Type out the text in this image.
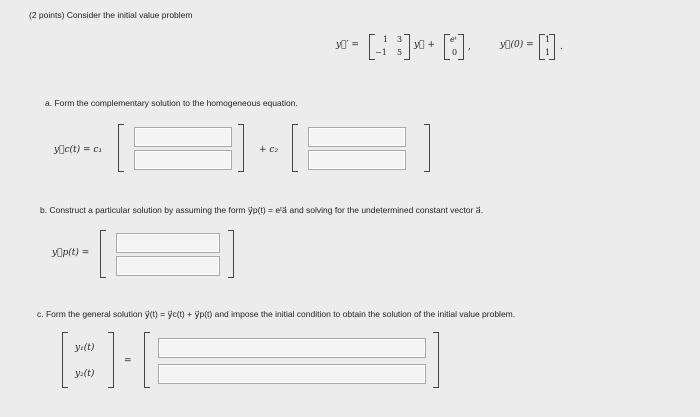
(2 points) Consider the initial value problem
y⃗′ =
1 3
−1 5
y⃗ +
eᵗ
0
,	y⃗(0) =
1
1
.
a. Form the complementary solution to the homogeneous equation.
y⃗c(t) = c₁	+ c₂
b. Construct a particular solution by assuming the form y⃗p(t) = eᵗa⃗ and solving for the undetermined constant vector a⃗.
y⃗p(t) =
c. Form the general solution y⃗(t) = y⃗c(t) + y⃗p(t) and impose the initial condition to obtain the solution of the initial value problem.
y₁(t)
y₂(t)
=
